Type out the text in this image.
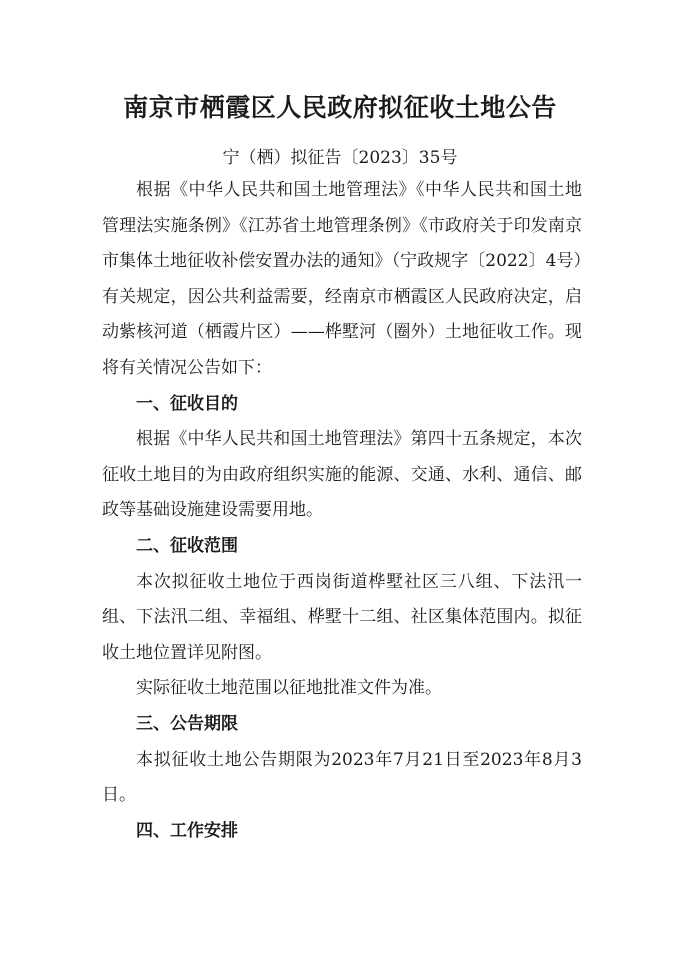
南京市栖霞区人民政府拟征收土地公告
宁（栖）拟征告〔2023〕35号

根据《中华人民共和国土地管理法》《中华人民共和国土地管理法实施条例》《江苏省土地管理条例》《市政府关于印发南京市集体土地征收补偿安置办法的通知》（宁政规字〔2022〕4号）有关规定，因公共利益需要，经南京市栖霞区人民政府决定，启动紫核河道（栖霞片区）——桦墅河（圈外）土地征收工作。现将有关情况公告如下：

一、征收目的

根据《中华人民共和国土地管理法》第四十五条规定，本次征收土地目的为由政府组织实施的能源、交通、水利、通信、邮政等基础设施建设需要用地。

二、征收范围

本次拟征收土地位于西岗街道桦墅社区三八组、下法汛一组、下法汛二组、幸福组、桦墅十二组、社区集体范围内。拟征收土地位置详见附图。

实际征收土地范围以征地批准文件为准。

三、公告期限

本拟征收土地公告期限为2023年7月21日至2023年8月3日。

四、工作安排
